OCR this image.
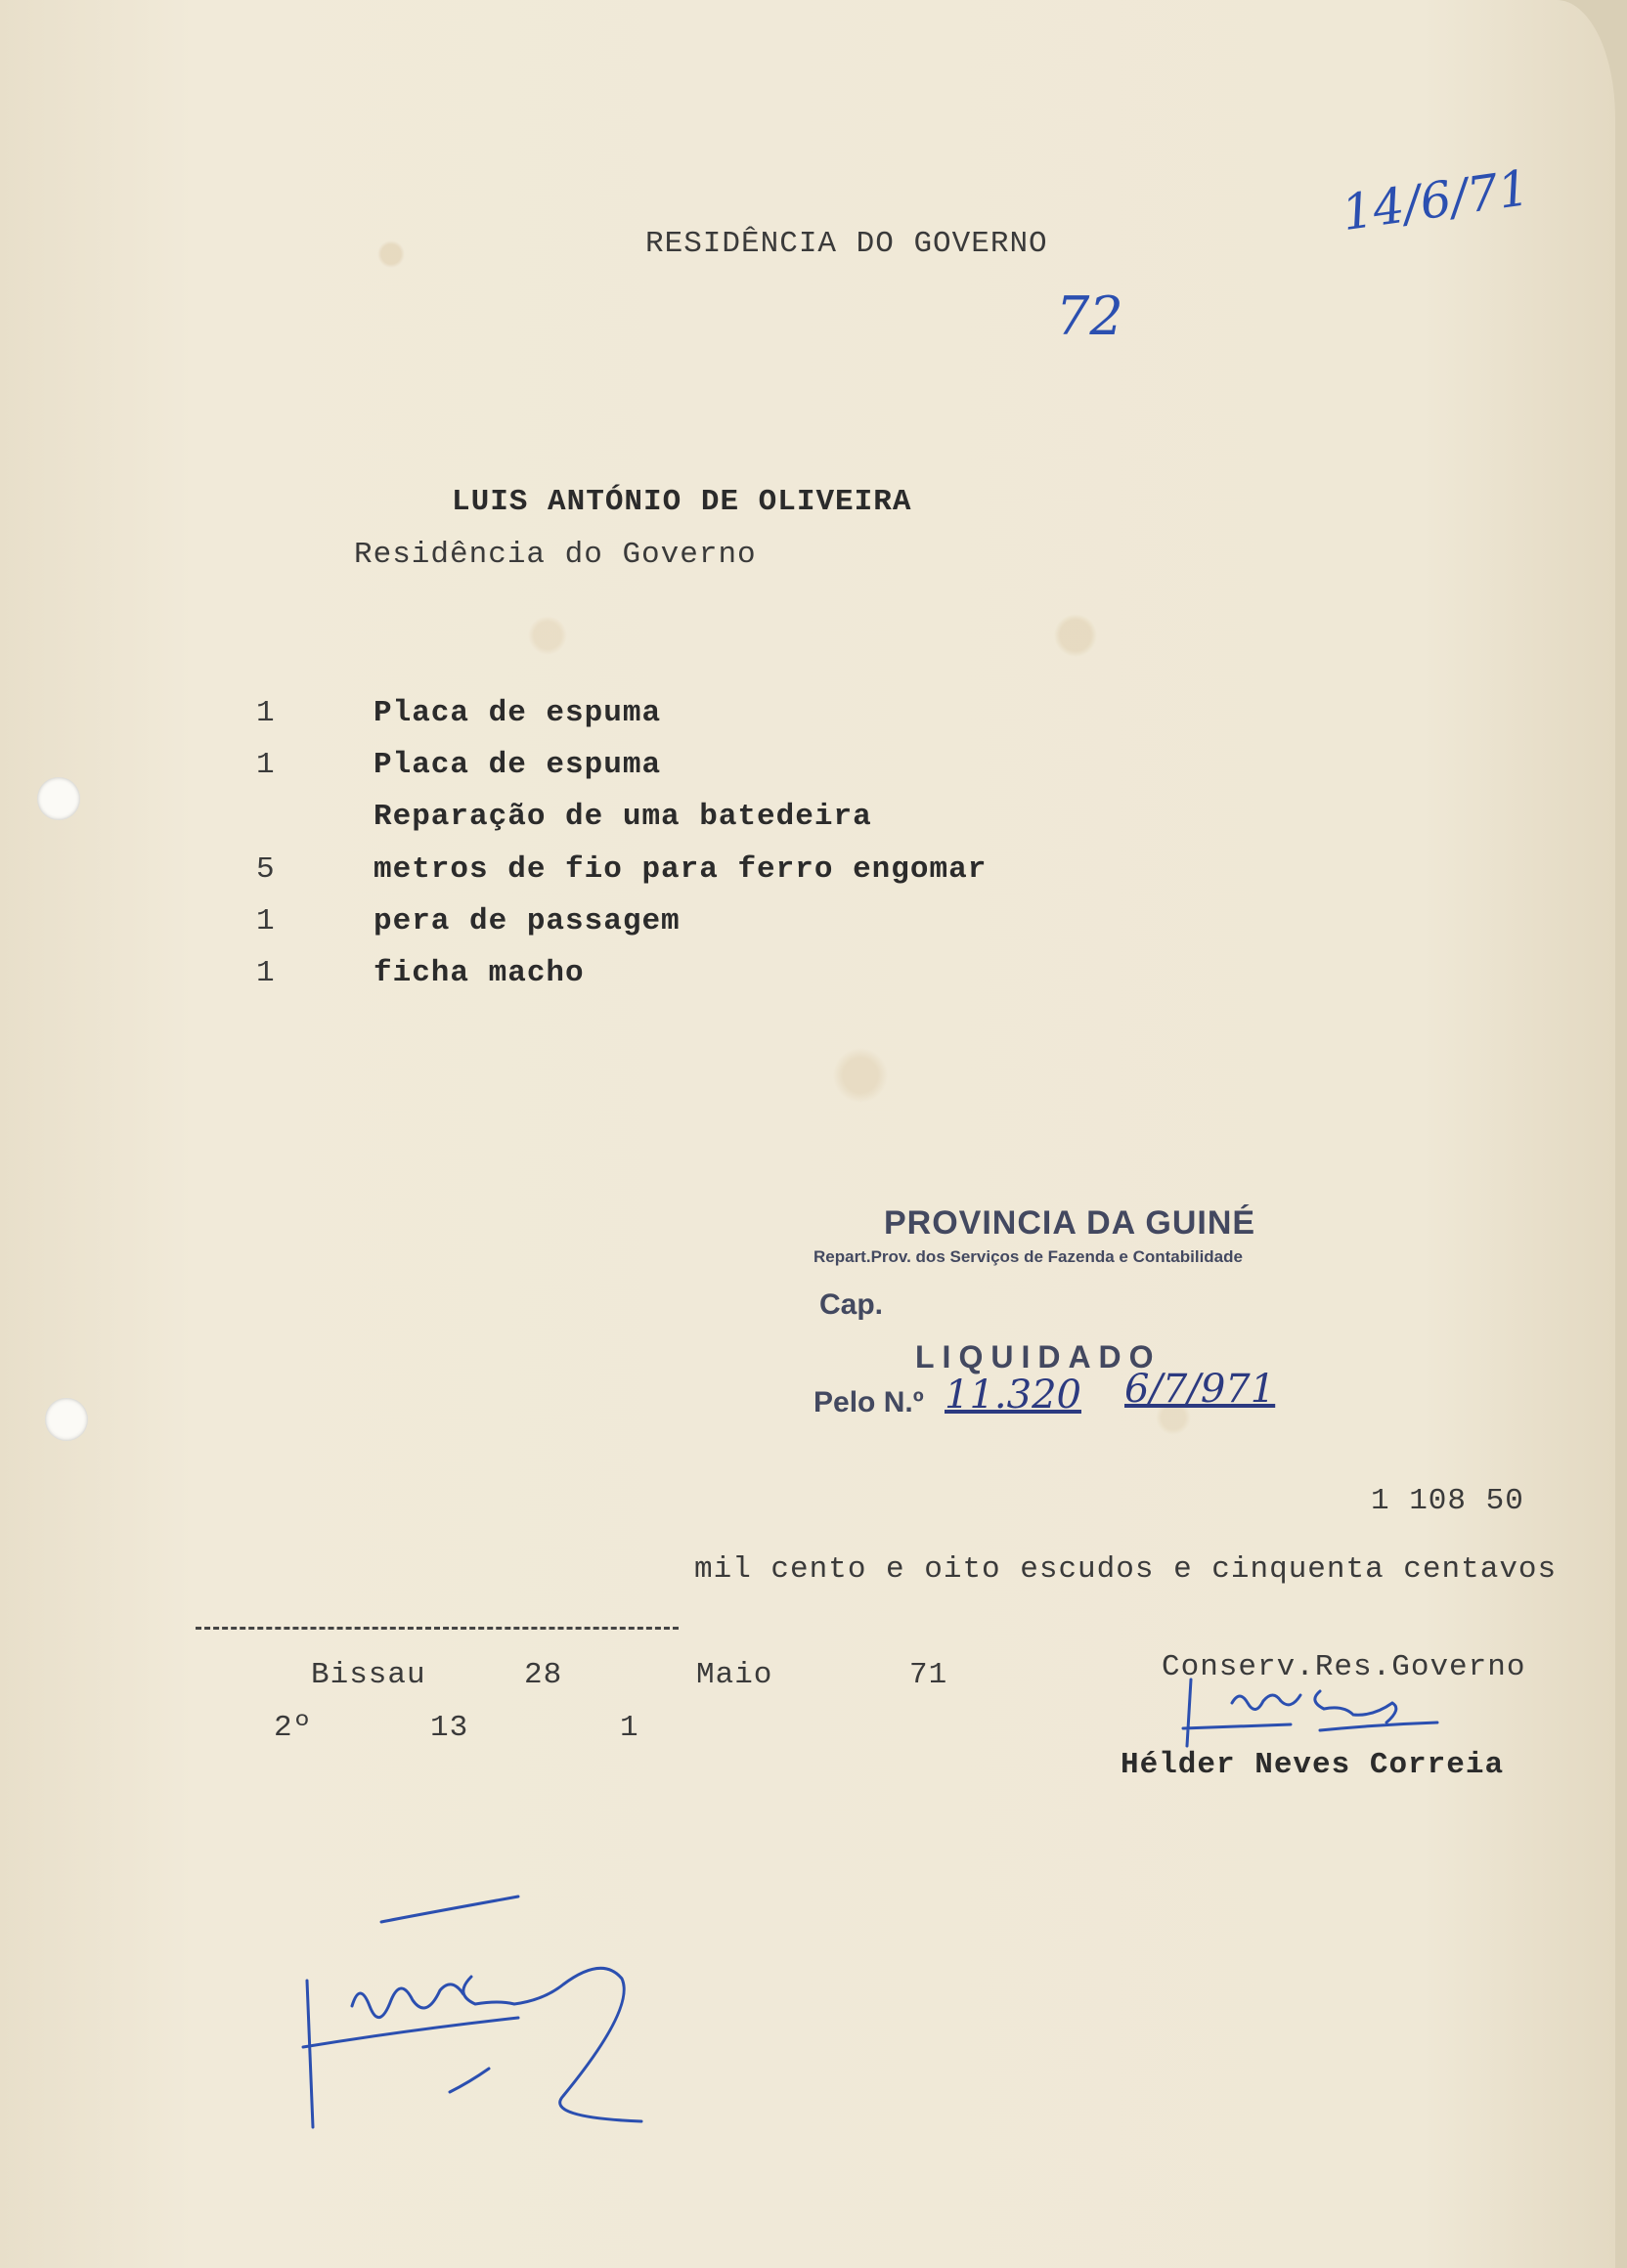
RESIDÊNCIA DO GOVERNO
14/6/71
72
LUIS ANTÓNIO DE OLIVEIRA
Residência do Governo
1	Placa de espuma
1	Placa de espuma
Reparação de uma batedeira
5	metros de fio para ferro engomar
1	pera de passagem
1	ficha macho
PROVINCIA DA GUINÉ
Repart.Prov. dos Serviços de Fazenda e Contabilidade
Cap.
LIQUIDADO
Pelo N.º 11.320 6/7/971
1 108 50
mil cento e oito escudos e cinquenta centavos
Bissau	28	Maio	71
2º	13	1
Conserv.Res.Governo
Hélder Neves Correia
